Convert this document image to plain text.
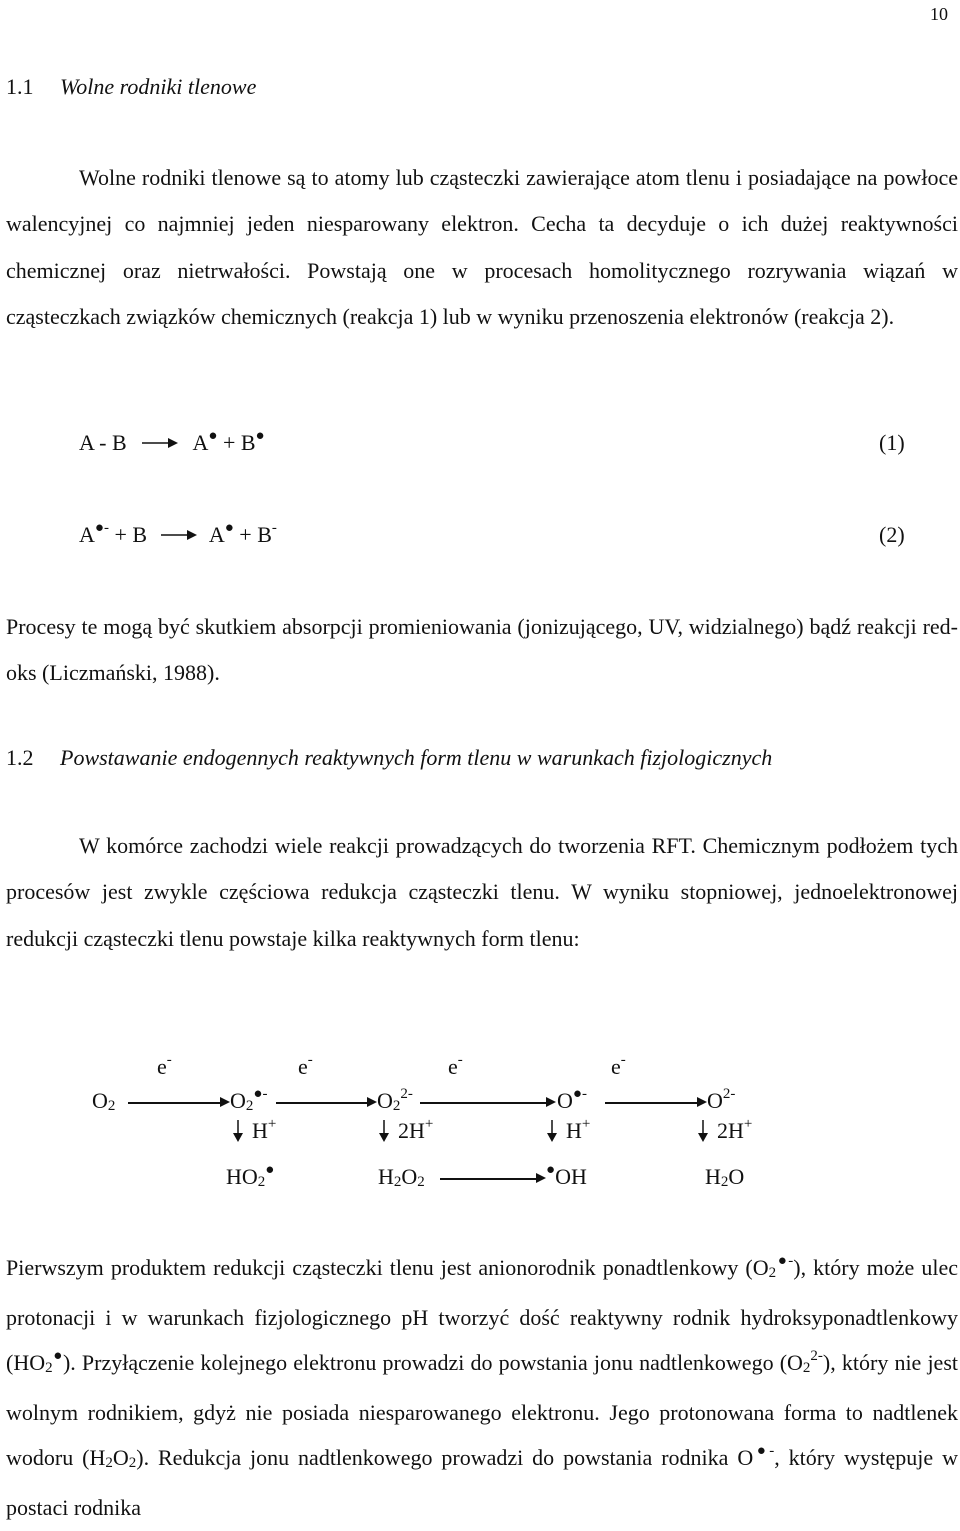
10
1.1 Wolne rodniki tlenowe

Wolne rodniki tlenowe są to atomy lub cząsteczki zawierające atom tlenu i posiadające na powłoce walencyjnej co najmniej jeden niesparowany elektron. Cecha ta decyduje o ich dużej reaktywności chemicznej oraz nietrwałości. Powstają one w procesach homolitycznego rozrywania wiązań w cząsteczkach związków chemicznych (reakcja 1) lub w wyniku przenoszenia elektronów (reakcja 2).

A - B	A● + B●	(1)
A●- + B	A● + B-	(2)

Procesy te mogą być skutkiem absorpcji promieniowania (jonizującego, UV, widzialnego) bądź reakcji red-oks (Liczmański, 1988).

1.2 Powstawanie endogennych reaktywnych form tlenu w warunkach fizjologicznych

W komórce zachodzi wiele reakcji prowadzących do tworzenia RFT. Chemicznym podłożem tych procesów jest zwykle częściowa redukcja cząsteczki tlenu. W wyniku stopniowej, jednoelektronowej redukcji cząsteczki tlenu powstaje kilka reaktywnych form tlenu:

e-	e-	e-	e-
O2	O2●-	$O2^{2-}$	O●-	$O^{2-}$
H+	2H+	H+	2H+
HO2●	H2O2
●OH	H2O

Pierwszym produktem redukcji cząsteczki tlenu jest anionorodnik ponadtlenkowy (O2●-), który może ulec protonacji i w warunkach fizjologicznego pH tworzyć dość reaktywny rodnik hydroksyponadtlenkowy (HO2●). Przyłączenie kolejnego elektronu prowadzi do powstania jonu nadtlenkowego $(O2^{2-})$, który nie jest wolnym rodnikiem, gdyż nie posiada niesparowanego elektronu. Jego protonowana forma to nadtlenek wodoru (H2O2). Redukcja jonu nadtlenkowego prowadzi do powstania rodnika O●-, który występuje w postaci rodnika
